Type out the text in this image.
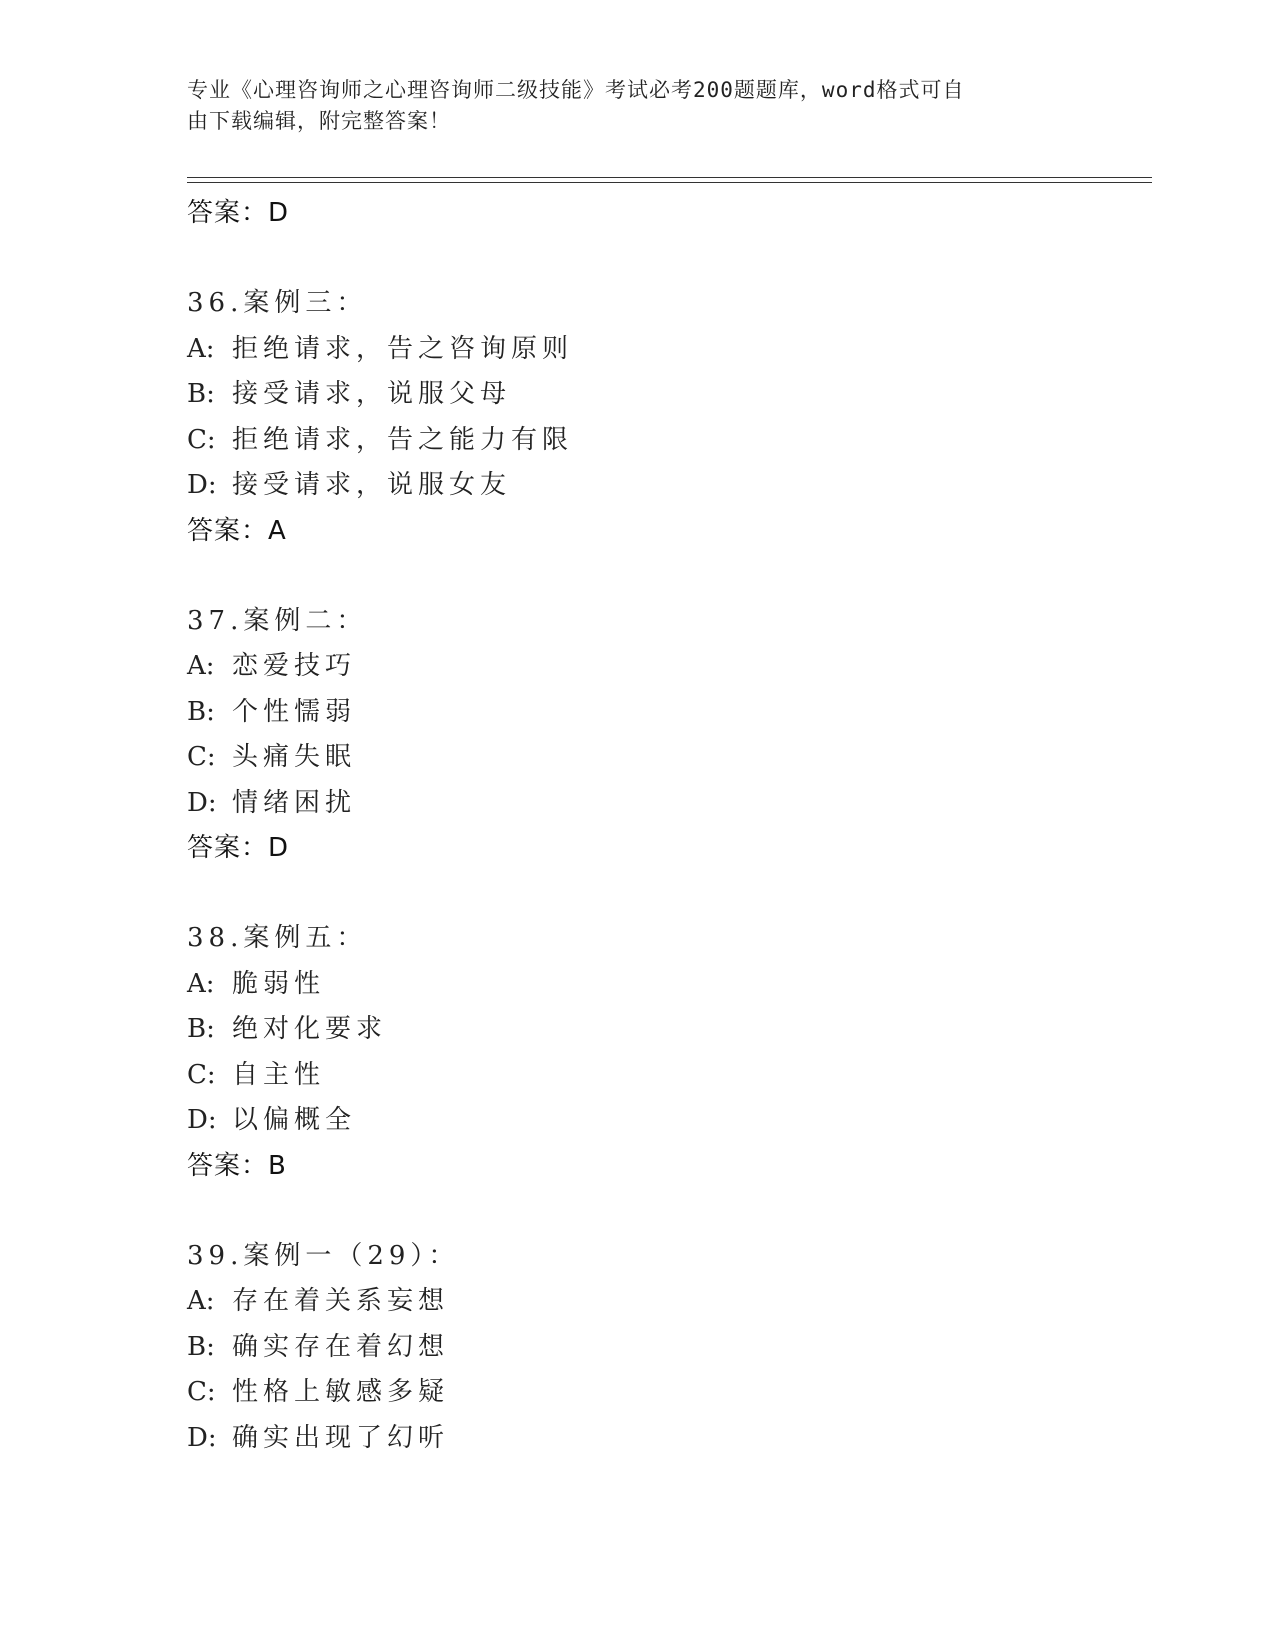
专业《心理咨询师之心理咨询师二级技能》考试必考200题题库，word格式可自
由下载编辑，附完整答案！
答案：D
36.案例三：
A: 拒绝请求，告之咨询原则
B: 接受请求，说服父母
C: 拒绝请求，告之能力有限
D: 接受请求，说服女友
答案：A
37.案例二：
A: 恋爱技巧
B: 个性懦弱
C: 头痛失眠
D: 情绪困扰
答案：D
38.案例五：
A: 脆弱性
B: 绝对化要求
C: 自主性
D: 以偏概全
答案：B
39.案例一（29）：
A: 存在着关系妄想
B: 确实存在着幻想
C: 性格上敏感多疑
D: 确实出现了幻听
